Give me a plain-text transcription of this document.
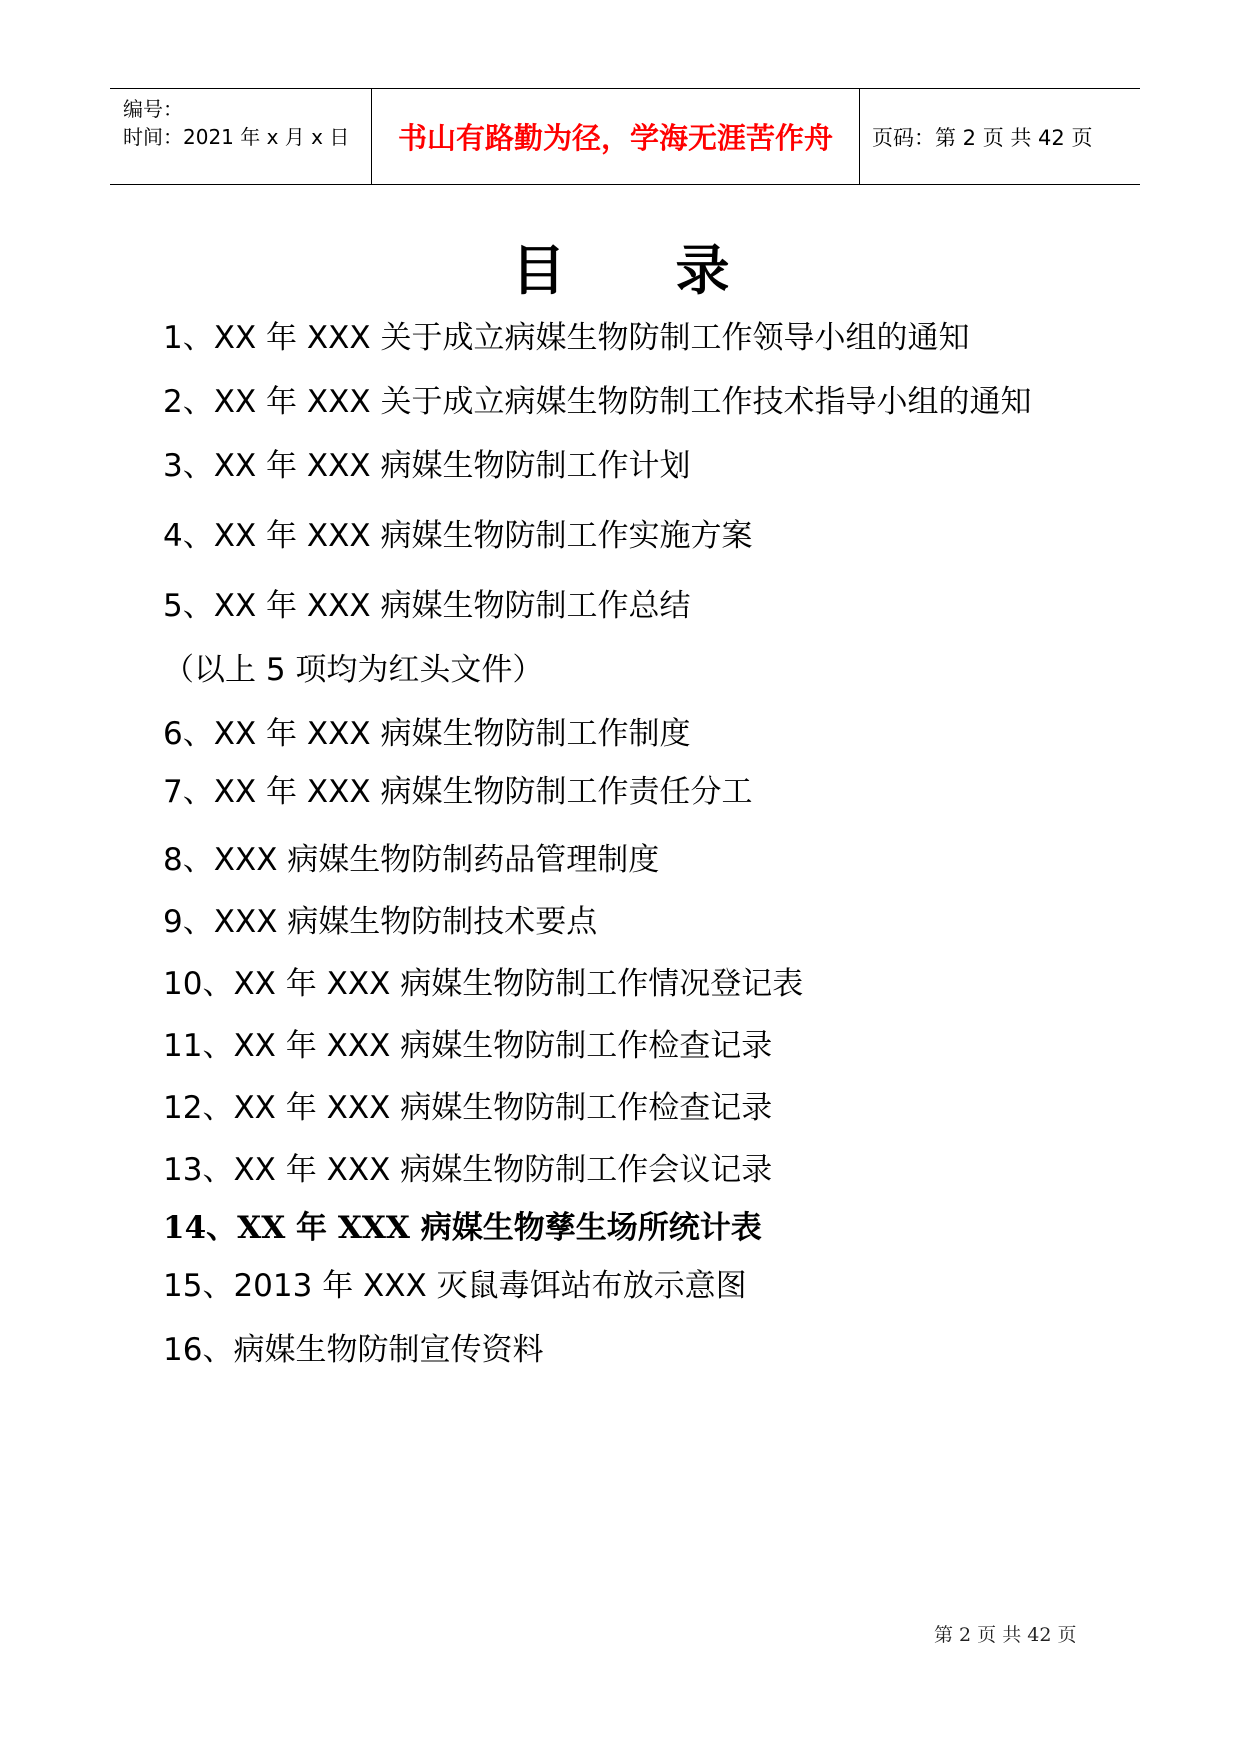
编号：
时间：2021 年 x 月 x 日	书山有路勤为径，学海无涯苦作舟	页码：第 2 页 共 42 页
目录
1、XX 年 XXX 关于成立病媒生物防制工作领导小组的通知
2、XX 年 XXX 关于成立病媒生物防制工作技术指导小组的通知
3、XX 年 XXX 病媒生物防制工作计划
4、XX 年 XXX 病媒生物防制工作实施方案
5、XX 年 XXX 病媒生物防制工作总结
（以上 5 项均为红头文件）
6、XX 年 XXX 病媒生物防制工作制度
7、XX 年 XXX 病媒生物防制工作责任分工
8、XXX 病媒生物防制药品管理制度
9、XXX 病媒生物防制技术要点
10、XX 年 XXX 病媒生物防制工作情况登记表
11、XX 年 XXX 病媒生物防制工作检查记录
12、XX 年 XXX 病媒生物防制工作检查记录
13、XX 年 XXX 病媒生物防制工作会议记录
14、XX 年 XXX 病媒生物孳生场所统计表
15、2013 年 XXX 灭鼠毒饵站布放示意图
16、病媒生物防制宣传资料
第 2 页 共 42 页
